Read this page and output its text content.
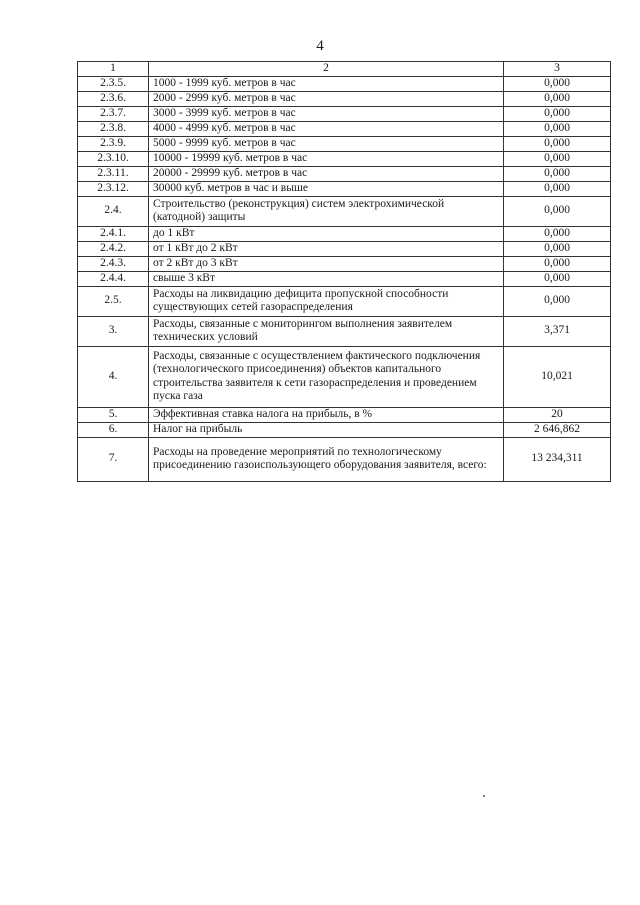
4
1	2	3
2.3.5.	1000 - 1999 куб. метров в час	0,000
2.3.6.	2000 - 2999 куб. метров в час	0,000
2.3.7.	3000 - 3999 куб. метров в час	0,000
2.3.8.	4000 - 4999 куб. метров в час	0,000
2.3.9.	5000 - 9999 куб. метров в час	0,000
2.3.10.	10000 - 19999 куб. метров в час	0,000
2.3.11.	20000 - 29999 куб. метров в час	0,000
2.3.12.	30000 куб. метров в час и выше	0,000
2.4.	Строительство (реконструкция) систем электрохимической (катодной) защиты	0,000
2.4.1.	до 1 кВт	0,000
2.4.2.	от 1 кВт до 2 кВт	0,000
2.4.3.	от 2 кВт до 3 кВт	0,000
2.4.4.	свыше 3 кВт	0,000
2.5.	Расходы на ликвидацию дефицита пропускной способности существующих сетей газораспределения	0,000
3.	Расходы, связанные с мониторингом выполнения заявителем технических условий	3,371
4.	Расходы, связанные с осуществлением фактического подключения (технологического присоединения) объектов капитального строительства заявителя к сети газораспределения и проведением пуска газа	10,021
5.	Эффективная ставка налога на прибыль, в %	20
6.	Налог на прибыль	2 646,862
7.	Расходы на проведение мероприятий по технологическому присоединению газоиспользующего оборудования заявителя, всего:	13 234,311
